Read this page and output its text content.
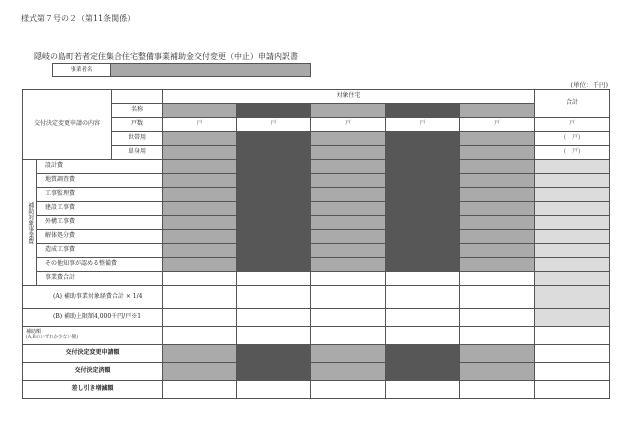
様式第７号の２（第11条関係）
隠岐の島町若者定住集合住宅整備事業補助金交付変更（中止）申請内訳書
事業者名
(単位：千円)
交付決定変更申請の内容			対象住宅					合計
		名称						
		戸数	戸	戸	戸	戸	戸	戸
		世帯用						(　戸)
		単身用						(　戸)
補助対象事業費	設計費							
	地質調査費							
	工事監理費							
	建設工事費							
	外構工事費							
	解体処分費							
	造成工事費							
	その他知事が認める整備費							
	事業費合計							
(A) 補助事業対象経費合計 × 1/4								
(B) 補助上限額4,000千円/戸※1								

補助額
(A,Bのいずれか少ない額)								

交付決定変更申請額								
交付決定済額								
差し引き増減額								
